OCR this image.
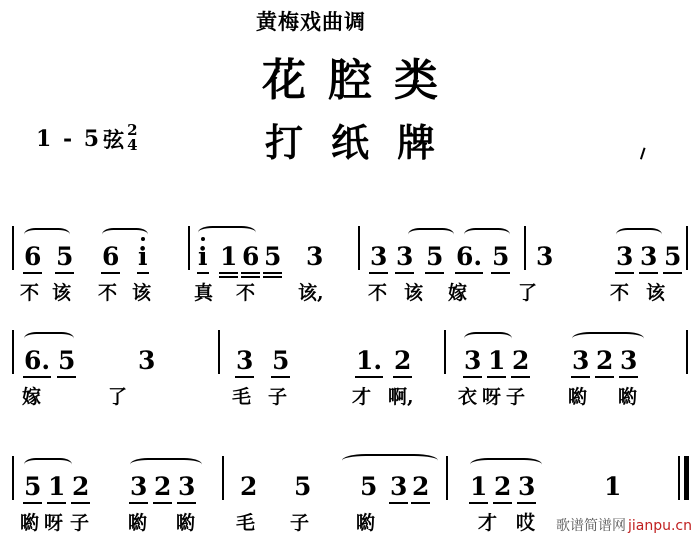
黄梅戏曲调
花腔类
打纸牌
1 - 5 弦 2
4
6 5 6 i i 1 6 5 3 3 3 5 6. 5 3	3 3 5
不 该 不 该 真 不 该, 不 该 嫁	了	不 该
6. 5	3	3 5	1. 2 3 1 2 3 2 3
嫁	了	毛 子	才 啊, 衣 呀 子 喲 喲
5 1 2 3 2 3 2 5 5 3 2 1 2 3	1
喲 呀 子 喲 喲 毛 子 喲	才 哎 歌谱简谱网 jianpu.cn
